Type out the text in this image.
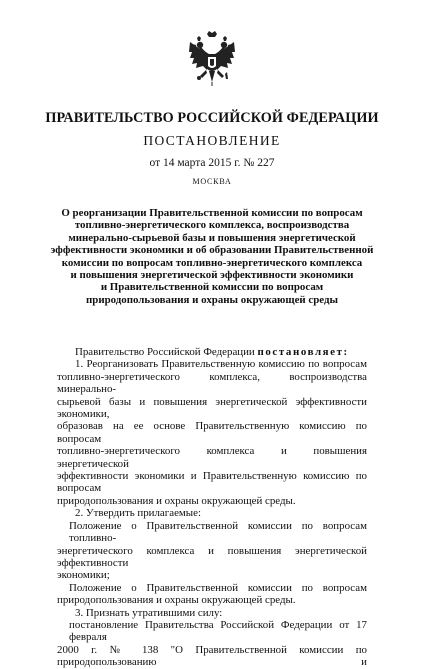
ПРАВИТЕЛЬСТВО РОССИЙСКОЙ ФЕДЕРАЦИИ
ПОСТАНОВЛЕНИЕ
от 14 марта 2015 г. № 227
МОСКВА
О реорганизации Правительственной комиссии по вопросам
топливно-энергетического комплекса, воспроизводства
минерально-сырьевой базы и повышения энергетической
эффективности экономики и об образовании Правительственной
комиссии по вопросам топливно-энергетического комплекса
и повышения энергетической эффективности экономики
и Правительственной комиссии по вопросам
природопользования и охраны окружающей среды
Правительство Российской Федерации постановляет:
1. Реорганизовать Правительственную комиссию по вопросам
топливно-энергетического комплекса, воспроизводства минерально-
сырьевой базы и повышения энергетической эффективности экономики,
образовав на ее основе Правительственную комиссию по вопросам
топливно-энергетического комплекса и повышения энергетической
эффективности экономики и Правительственную комиссию по вопросам
природопользования и охраны окружающей среды.
2. Утвердить прилагаемые:
Положение о Правительственной комиссии по вопросам топливно-
энергетического комплекса и повышения энергетической эффективности
экономики;
Положение о Правительственной комиссии по вопросам
природопользования и охраны окружающей среды.
3. Признать утратившими силу:
постановление Правительства Российской Федерации от 17 февраля
2000 г. № 138 "О Правительственной комиссии по природопользованию и
